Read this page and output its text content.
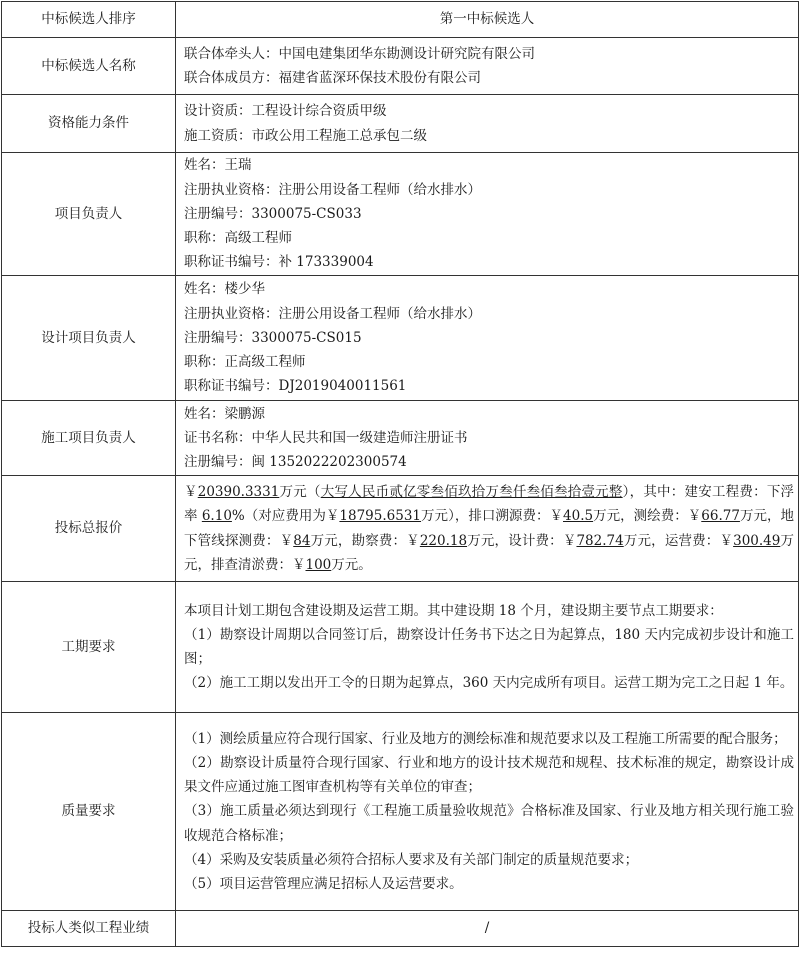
中标候选人排序	第一中标候选人
中标候选人名称	联合体牵头人：中国电建集团华东勘测设计研究院有限公司
联合体成员方：福建省蓝深环保技术股份有限公司

资格能力条件	设计资质：工程设计综合资质甲级
施工资质：市政公用工程施工总承包二级

项目负责人	姓名：王瑞
注册执业资格：注册公用设备工程师（给水排水）
注册编号：3300075-CS033
职称：高级工程师
职称证书编号：补 173339004

设计项目负责人	姓名：楼少华
注册执业资格：注册公用设备工程师（给水排水）
注册编号：3300075-CS015
职称：正高级工程师
职称证书编号：DJ2019040011561

施工项目负责人	姓名：梁鹏源
证书名称：中华人民共和国一级建造师注册证书
注册编号：闽 1352022202300574

投标总报价	￥20390.3331万元（大写人民币贰亿零叁佰玖拾万叁仟叁佰叁拾壹元整），其中：建安工程费：下浮率 6.10%（对应费用为￥18795.6531万元），排口溯源费：￥40.5万元，测绘费：￥66.77万元，地下管线探测费：￥84万元，勘察费：￥220.18万元，设计费：￥782.74万元，运营费：￥300.49万元，排查清淤费：￥100万元。
工期要求	本项目计划工期包含建设期及运营工期。其中建设期 18 个月，建设期主要节点工期要求：
（1）勘察设计周期以合同签订后，勘察设计任务书下达之日为起算点，180 天内完成初步设计和施工图；
（2）施工工期以发出开工令的日期为起算点，360 天内完成所有项目。运营工期为完工之日起 1 年。

质量要求	（1）测绘质量应符合现行国家、行业及地方的测绘标准和规范要求以及工程施工所需要的配合服务；
（2）勘察设计质量符合现行国家、行业和地方的设计技术规范和规程、技术标准的规定，勘察设计成果文件应通过施工图审查机构等有关单位的审查；
（3）施工质量必须达到现行《工程施工质量验收规范》合格标准及国家、行业及地方相关现行施工验收规范合格标准；
（4）采购及安装质量必须符合招标人要求及有关部门制定的质量规范要求；
（5）项目运营管理应满足招标人及运营要求。

投标人类似工程业绩	/
